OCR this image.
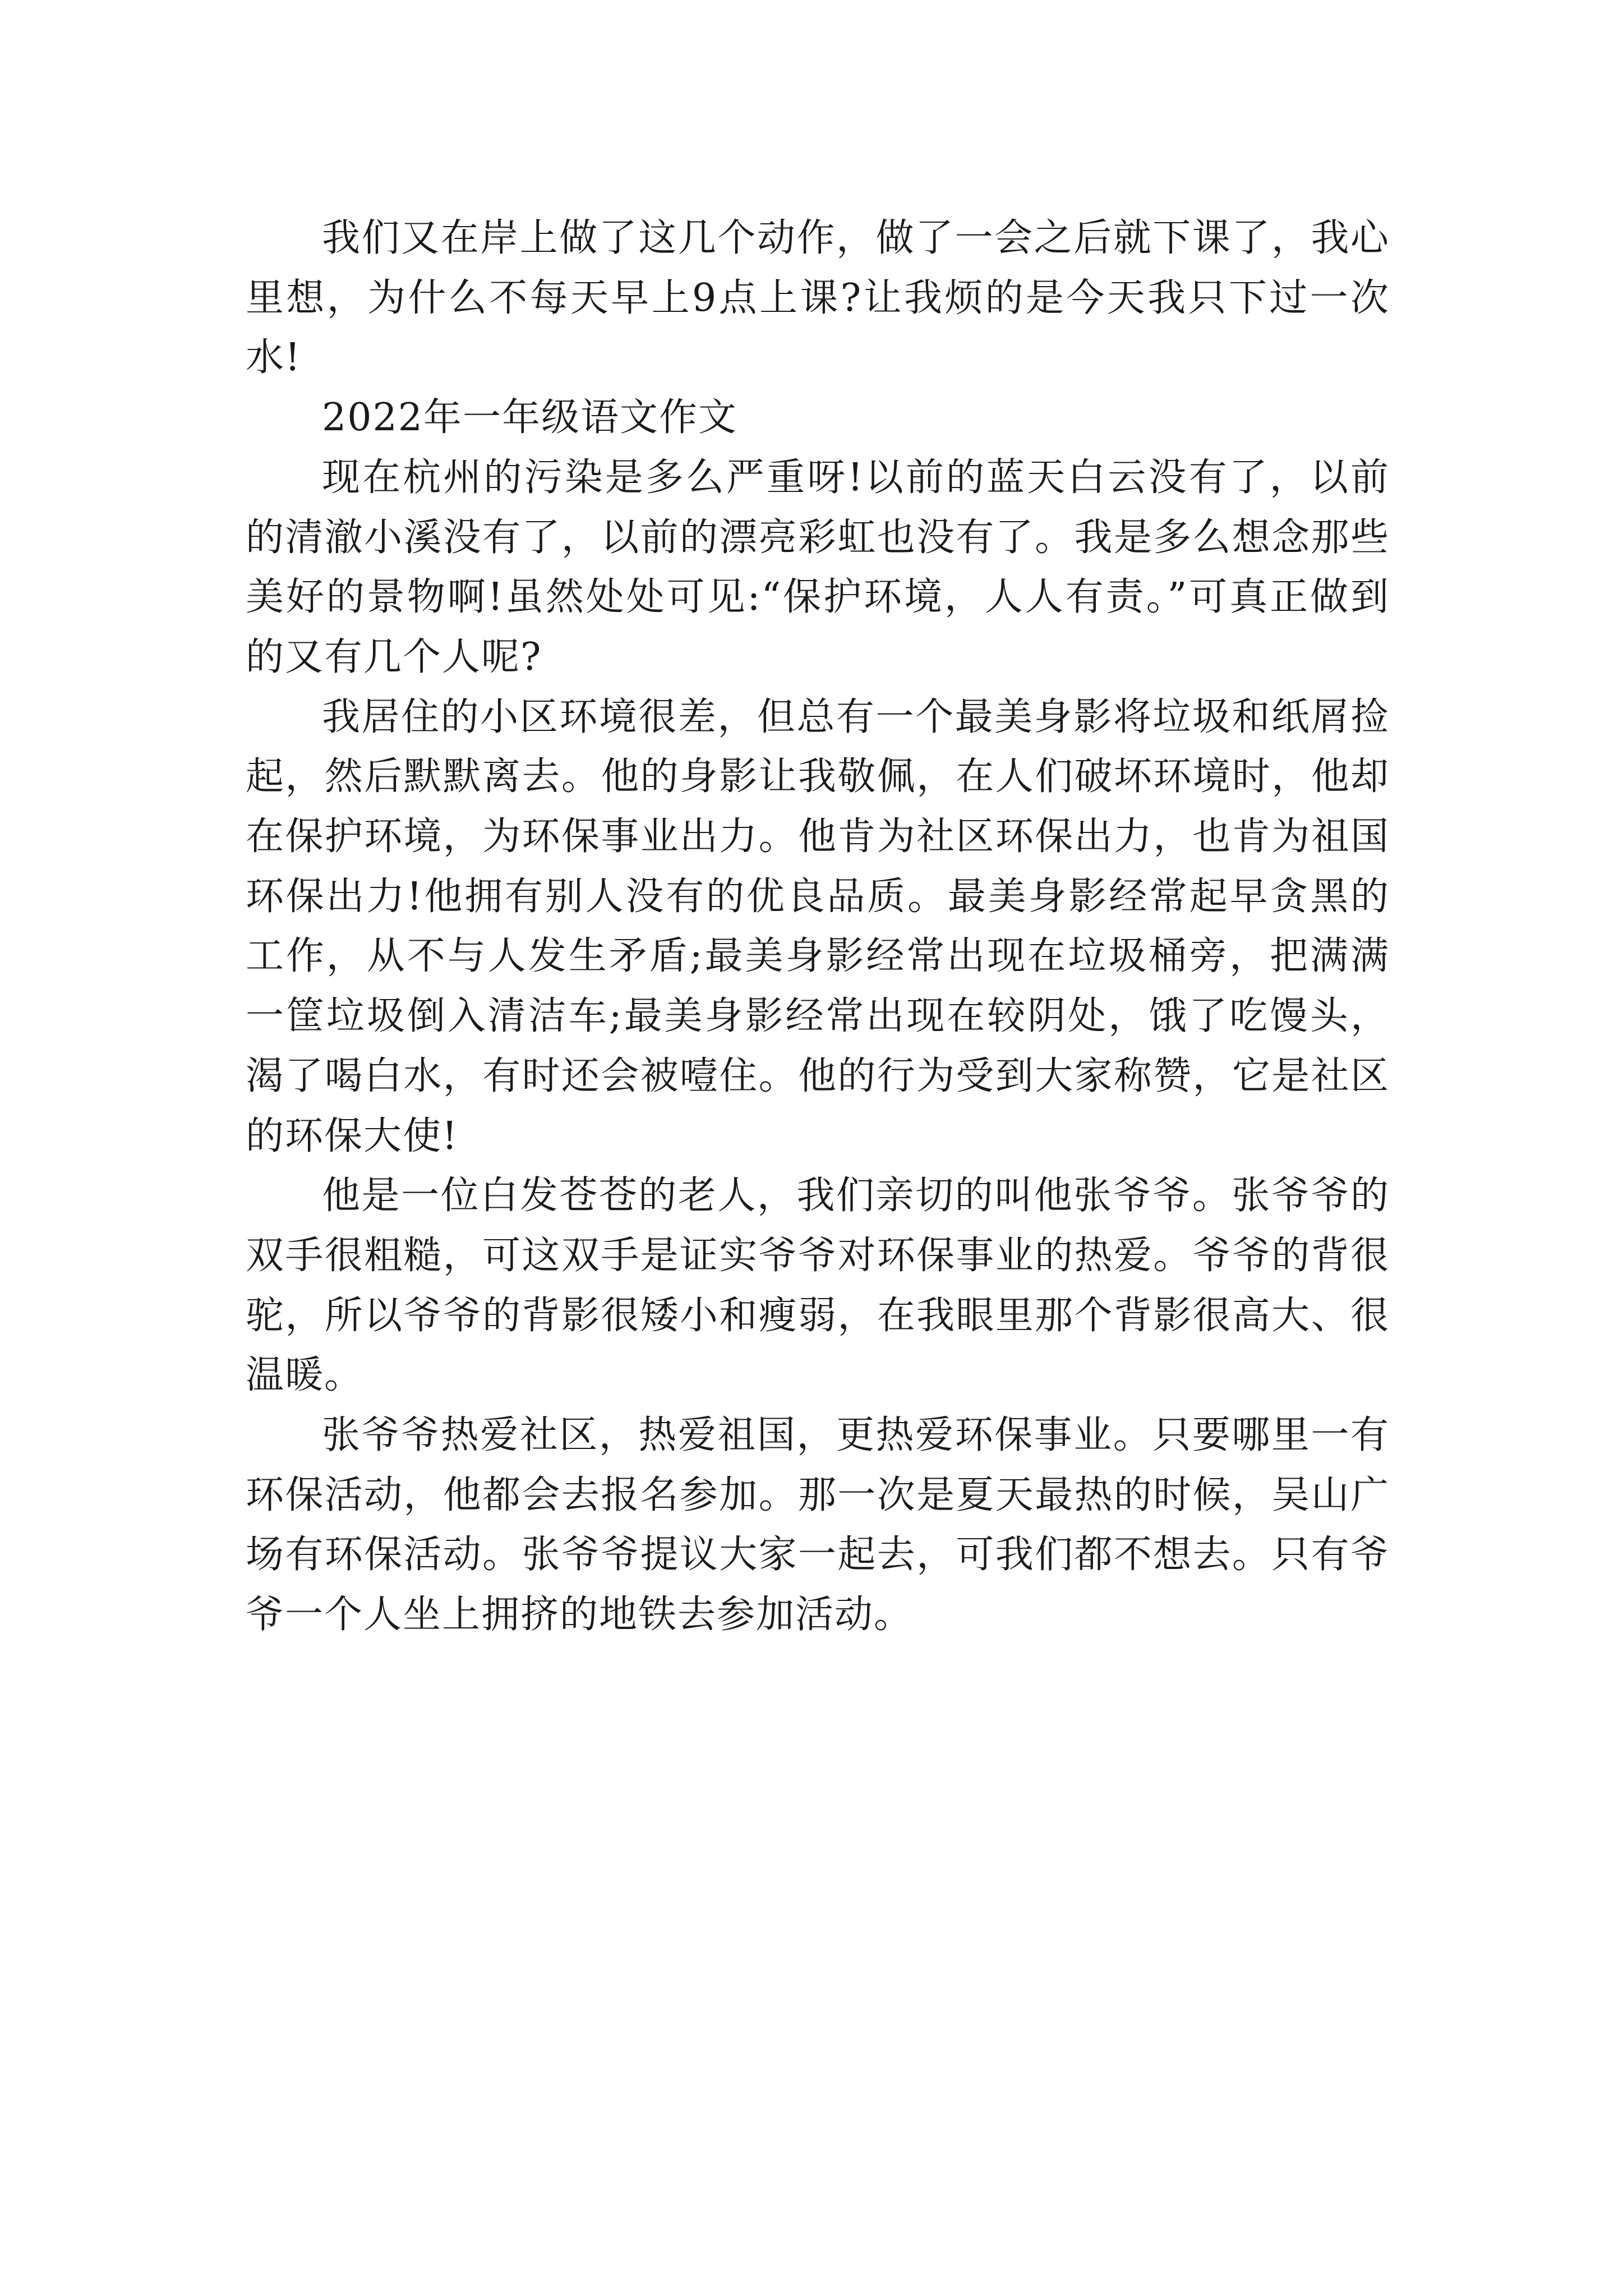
我们又在岸上做了这几个动作，做了一会之后就下课了，我心里想，为什么不每天早上9点上课?让我烦的是今天我只下过一次水!

2022年一年级语文作文

现在杭州的污染是多么严重呀!以前的蓝天白云没有了，以前的清澈小溪没有了，以前的漂亮彩虹也没有了。我是多么想念那些美好的景物啊!虽然处处可见:“保护环境，人人有责。”可真正做到的又有几个人呢?

我居住的小区环境很差，但总有一个最美身影将垃圾和纸屑捡起，然后默默离去。他的身影让我敬佩，在人们破坏环境时，他却在保护环境，为环保事业出力。他肯为社区环保出力，也肯为祖国环保出力!他拥有别人没有的优良品质。最美身影经常起早贪黑的工作，从不与人发生矛盾;最美身影经常出现在垃圾桶旁，把满满一筐垃圾倒入清洁车;最美身影经常出现在较阴处，饿了吃馒头，渴了喝白水，有时还会被噎住。他的行为受到大家称赞，它是社区的环保大使!

他是一位白发苍苍的老人，我们亲切的叫他张爷爷。张爷爷的双手很粗糙，可这双手是证实爷爷对环保事业的热爱。爷爷的背很驼，所以爷爷的背影很矮小和瘦弱，在我眼里那个背影很高大、很温暖。

张爷爷热爱社区，热爱祖国，更热爱环保事业。只要哪里一有环保活动，他都会去报名参加。那一次是夏天最热的时候，吴山广场有环保活动。张爷爷提议大家一起去，可我们都不想去。只有爷爷一个人坐上拥挤的地铁去参加活动。
